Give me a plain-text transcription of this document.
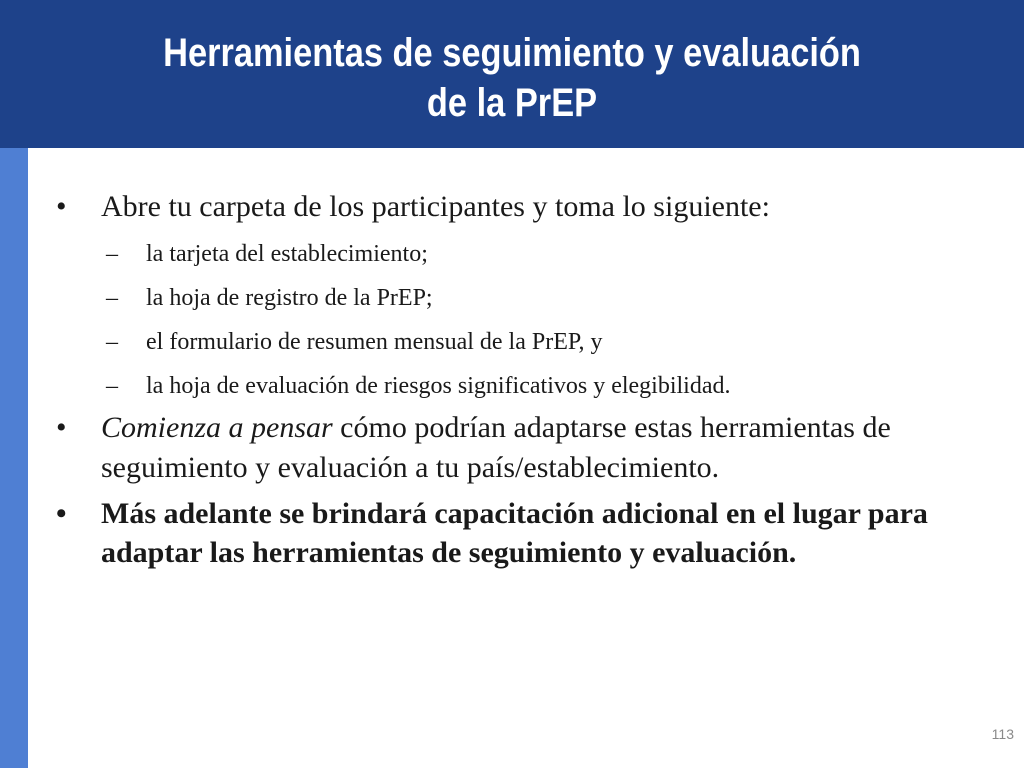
Herramientas de seguimiento y evaluación
de la PrEP
•	Abre tu carpeta de los participantes y toma lo siguiente:
– la tarjeta del establecimiento;
– la hoja de registro de la PrEP;
– el formulario de resumen mensual de la PrEP, y
– la hoja de evaluación de riesgos significativos y elegibilidad.
•	Comienza a pensar cómo podrían adaptarse estas herramientas de seguimiento y evaluación a tu país/establecimiento.
•	Más adelante se brindará capacitación adicional en el lugar para adaptar las herramientas de seguimiento y evaluación.
113
